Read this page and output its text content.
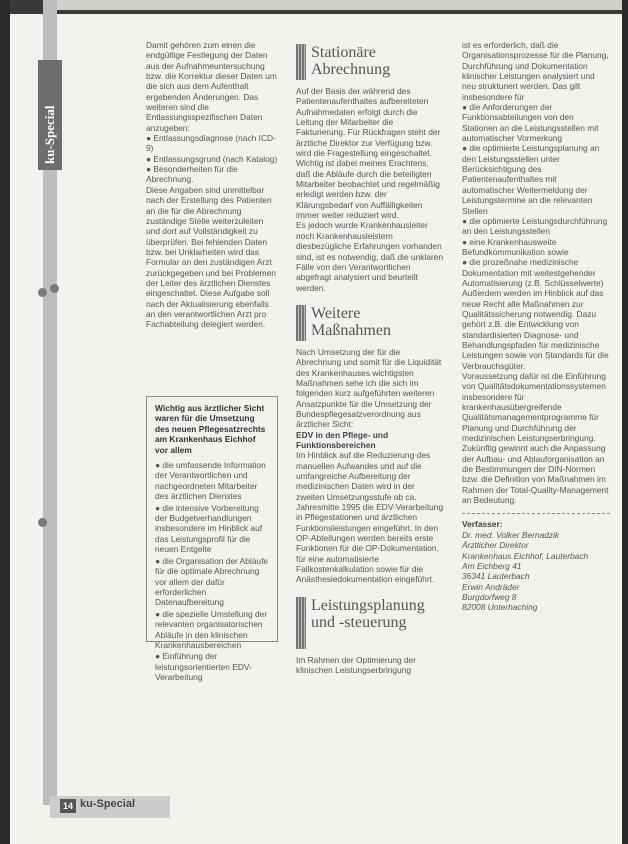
ku-Special

Damit gehören zum einen die endgültige Festlegung der Daten aus der Aufnahmeuntersuchung bzw. die Korrektur dieser Daten um die sich aus dem Aufenthalt ergebenden Änderungen. Das weiteren sind die Entlassungsspezifischen Daten anzugeben:

● Entlassungsdiagnose (nach ICD-9)

● Entlassungsgrund (nach Katalog)

● Besonderheiten für die Abrechnung.

Diese Angaben sind unmittelbar nach der Erstellung des Patienten an die für die Abrechnung zuständige Stelle weiterzuleiten und dort auf Vollständigkeit zu überprüfen. Bei fehlenden Daten bzw. bei Unklarheiten wird das Formular an den zuständigen Arzt zurückgegeben und bei Problemen der Leiter des ärztlichen Dienstes eingeschaltet. Diese Aufgabe soll nach der Aktualisierung ebenfalls an den verantwortlichen Arzt pro Fachabteilung delegiert werden.

Wichtig aus ärztlicher Sicht waren für die Umsetzung des neuen Pflegesatzrechts am Krankenhaus Eichhof vor allem

● die umfassende Information der Verantwortlichen und nachgeordneten Mitarbeiter des ärztlichen Dienstes

● die intensive Vorbereitung der Budgetverhandlungen insbesondere im Hinblick auf das Leistungsprofil für die neuen Entgelte

● die Organisation der Abläufe für die optimale Abrechnung vor allem der dafür erforderlichen Datenaufbereitung

● die spezielle Umstellung der relevanten organisatorischen Abläufe in den klinischen Krankenhausbereichen

● Einführung der leistungsorientierten EDV-Verarbeitung

Stationäre Abrechnung

Auf der Basis der während des Patientenaufenthaltes aufbereiteten Aufnahmedaten erfolgt durch die Leitung der Mitarbeiter die Fakturierung. Für Rückfragen steht der ärztliche Direktor zur Verfügung bzw. wird die Fragestellung eingeschaltet. Wichtig ist dabei meines Erachtens, daß die Abläufe durch die beteiligten Mitarbeiter beobachtet und regelmäßig erledigt werden bzw. der Klärungsbedarf von Auffälligkeiten immer weiter reduziert wird.

Es jedoch wurde Krankenhausleiter noch Krankenhausleistern diesbezügliche Erfahrungen vorhanden sind, ist es notwendig, daß die unklaren Fälle von den Verantwortlichen abgefragt analysiert und beurteilt werden.

Weitere Maßnahmen

Nach Umsetzung der für die Abrechnung und somit für die Liquidität des Krankenhauses wichtigsten Maßnahmen sehe ich die sich im folgenden kurz aufgeführten weiteren Ansatzpunkte für die Umsetzung der Bundespflegesatzverordnung aus ärztlicher Sicht:

EDV in den Pflege- und Funktionsbereichen

Im Hinblick auf die Reduzierung des manuellen Aufwandes und auf die umfangreiche Aufbereitung der medizinischen Daten wird in der zweiten Umsetzungsstufe ab ca. Jahresmitte 1995 die EDV-Verarbeitung in Pflegestationen und ärztlichen Funktionsleistungen eingeführt. In den OP-Abteilungen werden bereits erste Funktionen für die OP-Dokumentation, für eine automatisierte Fallkostenkalkulation sowie für die Anästhesiedokumentation eingeführt.

Leistungsplanung und -steuerung

Im Rahmen der Optimierung der klinischen Leistungserbringung

ist es erforderlich, daß die Organisationsprozesse für die Planung, Durchführung und Dokumentation klinischer Leistungen analysiert und neu strukturiert werden. Das gilt insbesondere für

● die Anforderungen der Funktionsabteilungen von den Stationen an die Leistungsstellen mit automatischer Vormerkung

● die optimierte Leistungsplanung an den Leistungsstellen unter Berücksichtigung des Patientenaufenthaltes mit automatischer Weitermeldung der Leistungstermine an die relevanten Stellen

● die optimierte Leistungsdurchführung an den Leistungsstellen

● eine Krankenhausweite Befundkommunikation sowie

● die prozeßnahe medizinische Dokumentation mit weitestgehender Automatisierung (z.B. Schlüsselwerte)

Außerdem werden im Hinblick auf das neue Recht alle Maßnahmen zur Qualitätssicherung notwendig. Dazu gehört z.B. die Entwicklung von standardisierten Diagnose- und Behandlungspfaden für medizinische Leistungen sowie von Standards für die Verbrauchsgüter.

Voraussetzung dafür ist die Einführung von Qualitätsdokumentationssystemen insbesondere für krankenhausübergreifende Qualitätsmanagementprogramme für Planung und Durchführung der medizinischen Leistungserbringung.

Zukünftig gewinnt auch die Anpassung der Aufbau- und Ablauforganisation an die Bestimmungen der DIN-Normen bzw. die Definition von Maßnahmen im Rahmen der Total-Quality-Management an Bedeutung.

Verfasser:

Dr. med. Volker Bernadzik

Ärztlicher Direktor

Krankenhaus Eichhof, Lauterbach

Am Eichberg 41

36341 Lauterbach

Erwin Andräder

Burgdorfweg 8

82008 Unterhaching

14 ku-Special
